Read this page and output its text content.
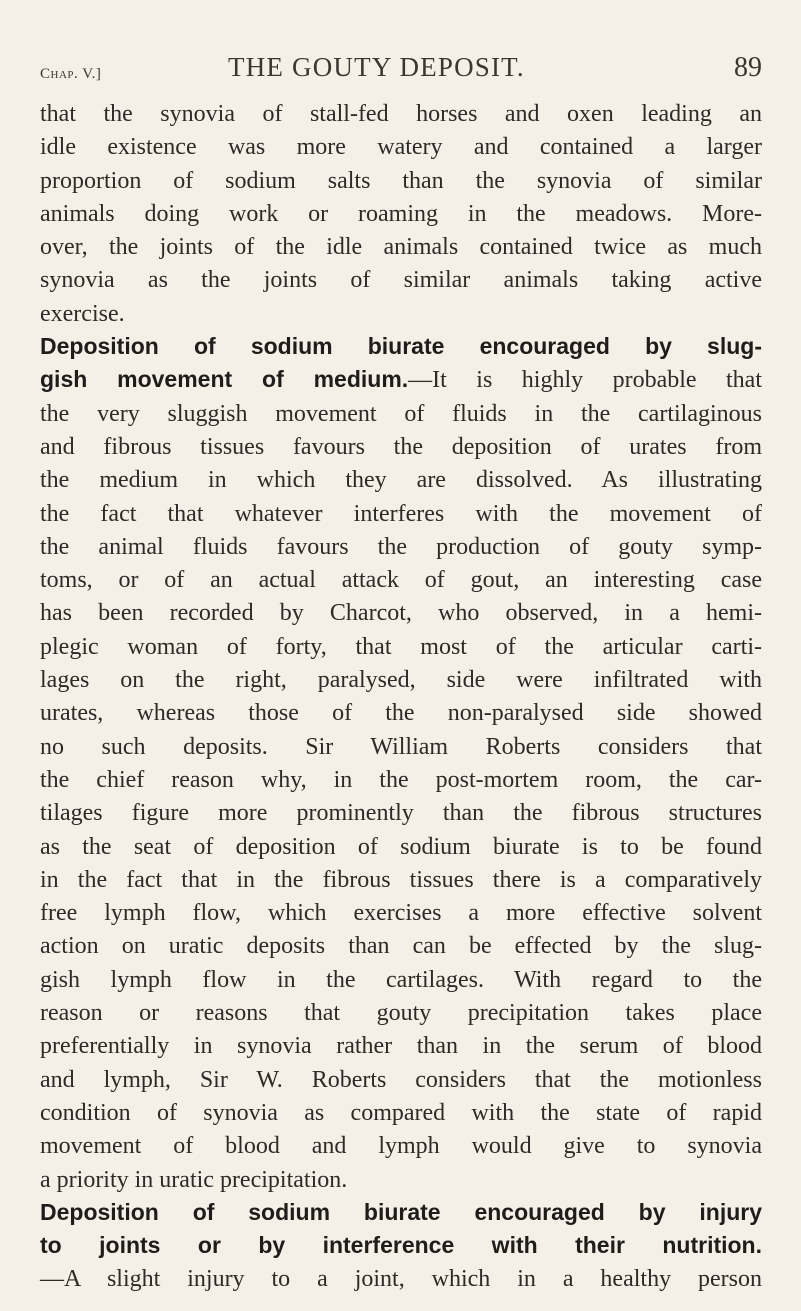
Chap. V.]	THE GOUTY DEPOSIT.	89

that the synovia of stall-fed horses and oxen leading an

idle existence was more watery and contained a larger

proportion of sodium salts than the synovia of similar

animals doing work or roaming in the meadows. More-

over, the joints of the idle animals contained twice as much

synovia as the joints of similar animals taking active

exercise.

Deposition of sodium biurate encouraged by slug-

gish movement of medium.—It is highly probable that

the very sluggish movement of fluids in the cartilaginous

and fibrous tissues favours the deposition of urates from

the medium in which they are dissolved. As illustrating

the fact that whatever interferes with the movement of

the animal fluids favours the production of gouty symp-

toms, or of an actual attack of gout, an interesting case

has been recorded by Charcot, who observed, in a hemi-

plegic woman of forty, that most of the articular carti-

lages on the right, paralysed, side were infiltrated with

urates, whereas those of the non-paralysed side showed

no such deposits. Sir William Roberts considers that

the chief reason why, in the post-mortem room, the car-

tilages figure more prominently than the fibrous structures

as the seat of deposition of sodium biurate is to be found

in the fact that in the fibrous tissues there is a comparatively

free lymph flow, which exercises a more effective solvent

action on uratic deposits than can be effected by the slug-

gish lymph flow in the cartilages. With regard to the

reason or reasons that gouty precipitation takes place

preferentially in synovia rather than in the serum of blood

and lymph, Sir W. Roberts considers that the motionless

condition of synovia as compared with the state of rapid

movement of blood and lymph would give to synovia

a priority in uratic precipitation.

Deposition of sodium biurate encouraged by injury

to joints or by interference with their nutrition.

—A slight injury to a joint, which in a healthy person
